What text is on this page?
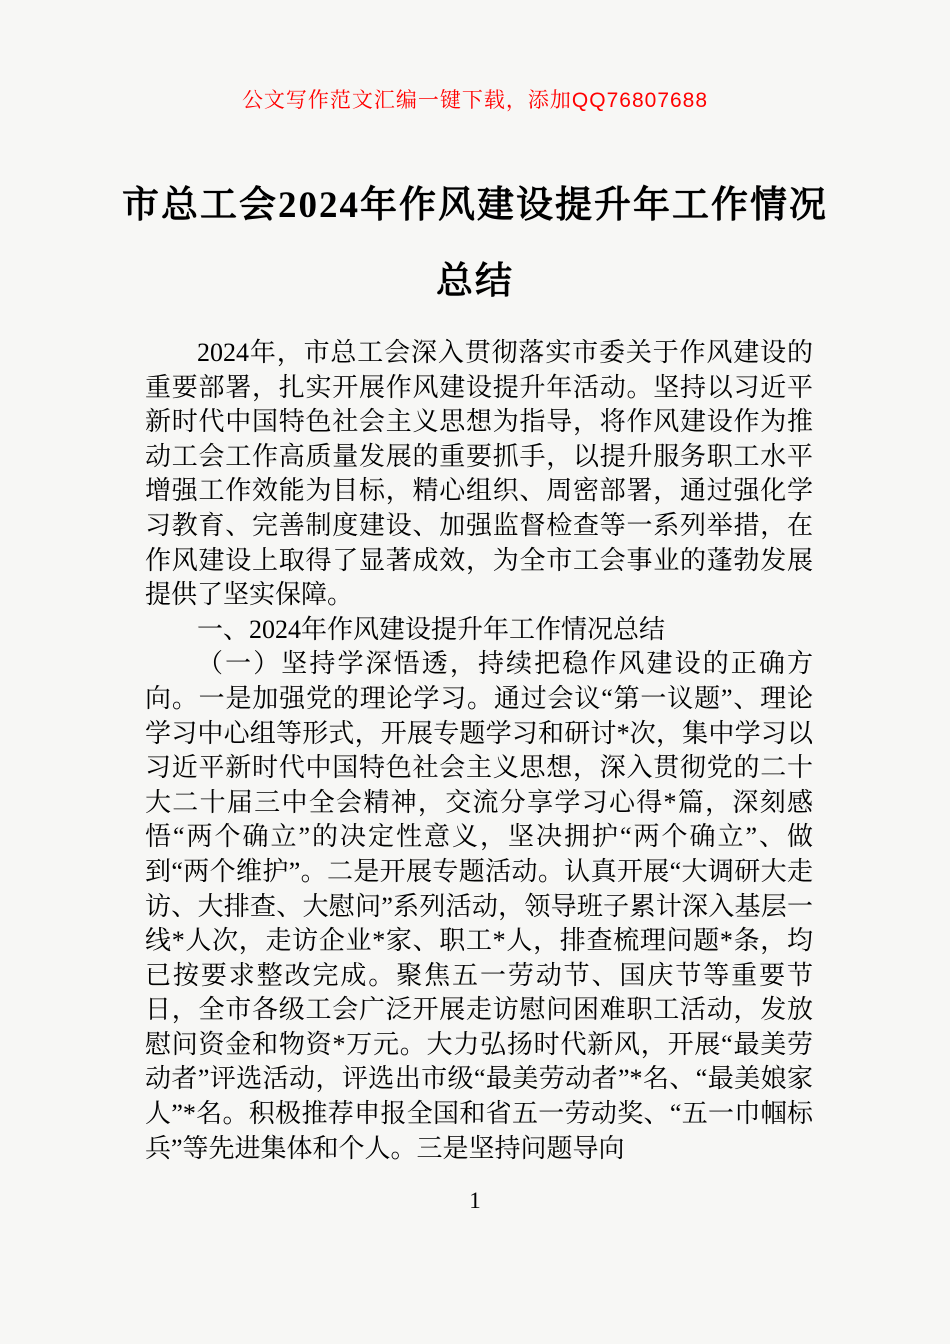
公文写作范文汇编一键下载，添加QQ76807688
市总工会2024年作风建设提升年工作情况总结

2024年，市总工会深入贯彻落实市委关于作风建设的重要部署，扎实开展作风建设提升年活动。坚持以习近平新时代中国特色社会主义思想为指导，将作风建设作为推动工会工作高质量发展的重要抓手，以提升服务职工水平增强工作效能为目标，精心组织、周密部署，通过强化学习教育、完善制度建设、加强监督检查等一系列举措，在作风建设上取得了显著成效，为全市工会事业的蓬勃发展提供了坚实保障。

一、2024年作风建设提升年工作情况总结

（一）坚持学深悟透，持续把稳作风建设的正确方向。一是加强党的理论学习。通过会议“第一议题”、理论学习中心组等形式，开展专题学习和研讨*次，集中学习以习近平新时代中国特色社会主义思想，深入贯彻党的二十大二十届三中全会精神，交流分享学习心得*篇，深刻感悟“两个确立”的决定性意义，坚决拥护“两个确立”、做到“两个维护”。二是开展专题活动。认真开展“大调研大走访、大排查、大慰问”系列活动，领导班子累计深入基层一线*人次，走访企业*家、职工*人，排查梳理问题*条，均已按要求整改完成。聚焦五一劳动节、国庆节等重要节日，全市各级工会广泛开展走访慰问困难职工活动，发放慰问资金和物资*万元。大力弘扬时代新风，开展“最美劳动者”评选活动，评选出市级“最美劳动者”*名、“最美娘家人”*名。积极推荐申报全国和省五一劳动奖、“五一巾帼标兵”等先进集体和个人。三是坚持问题导向

1
